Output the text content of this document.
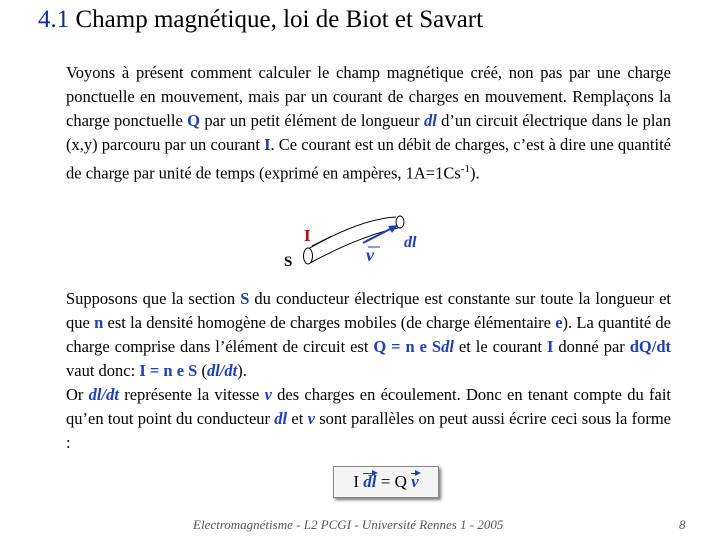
4.1 Champ magnétique, loi de Biot et Savart

Voyons à présent comment calculer le champ magnétique créé, non pas par une charge ponctuelle en mouvement, mais par un courant de charges en mouvement. Remplaçons la charge ponctuelle Q par un petit élément de longueur dl d’un circuit électrique dans le plan (x,y) parcouru par un courant I. Ce courant est un débit de charges, c’est à dire une quantité de charge par unité de temps (exprimé en ampères, $1A=1Cs^{-1}$).

I
S	v
dl

Supposons que la section S du conducteur électrique est constante sur toute la longueur et que n est la densité homogène de charges mobiles (de charge élémentaire e). La quantité de charge comprise dans l’élément de circuit est Q = n e Sdl et le courant I donné par dQ/dt vaut donc: I = n e S (dl/dt).

Or dl/dt représente la vitesse v des charges en écoulement. Donc en tenant compte du fait qu’en tout point du conducteur dl et v sont parallèles on peut aussi écrire ceci sous la forme :

I
dl = Q v
Electromagnétisme - L2 PCGI - Université Rennes 1 - 2005	8
